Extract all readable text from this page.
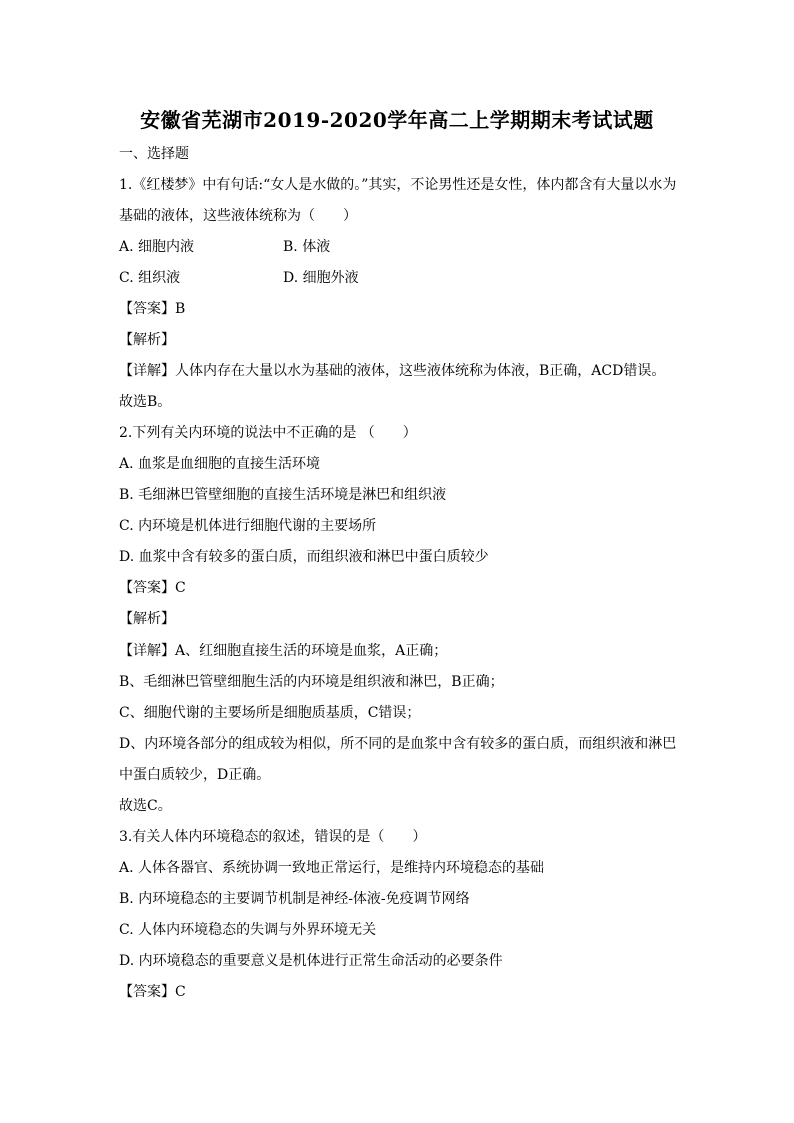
安徽省芜湖市2019-2020学年高二上学期期末考试试题
一、选择题
1.《红楼梦》中有句话:“女人是水做的。”其实，不论男性还是女性，体内都含有大量以水为
基础的液体，这些液体统称为（　　）
A. 细胞内液	B. 体液
C. 组织液	D. 细胞外液
【答案】B
【解析】
【详解】人体内存在大量以水为基础的液体，这些液体统称为体液，B正确，ACD错误。
故选B。
2.下列有关内环境的说法中不正确的是 （　　）
A. 血浆是血细胞的直接生活环境
B. 毛细淋巴管壁细胞的直接生活环境是淋巴和组织液
C. 内环境是机体进行细胞代谢的主要场所
D. 血浆中含有较多的蛋白质，而组织液和淋巴中蛋白质较少
【答案】C
【解析】
【详解】A、红细胞直接生活的环境是血浆，A正确；
B、毛细淋巴管壁细胞生活的内环境是组织液和淋巴，B正确；
C、细胞代谢的主要场所是细胞质基质，C错误；
D、内环境各部分的组成较为相似，所不同的是血浆中含有较多的蛋白质，而组织液和淋巴
中蛋白质较少，D正确。
故选C。
3.有关人体内环境稳态的叙述，错误的是（　　）
A. 人体各器官、系统协调一致地正常运行，是维持内环境稳态的基础
B. 内环境稳态的主要调节机制是神经-体液-免疫调节网络
C. 人体内环境稳态的失调与外界环境无关
D. 内环境稳态的重要意义是机体进行正常生命活动的必要条件
【答案】C
